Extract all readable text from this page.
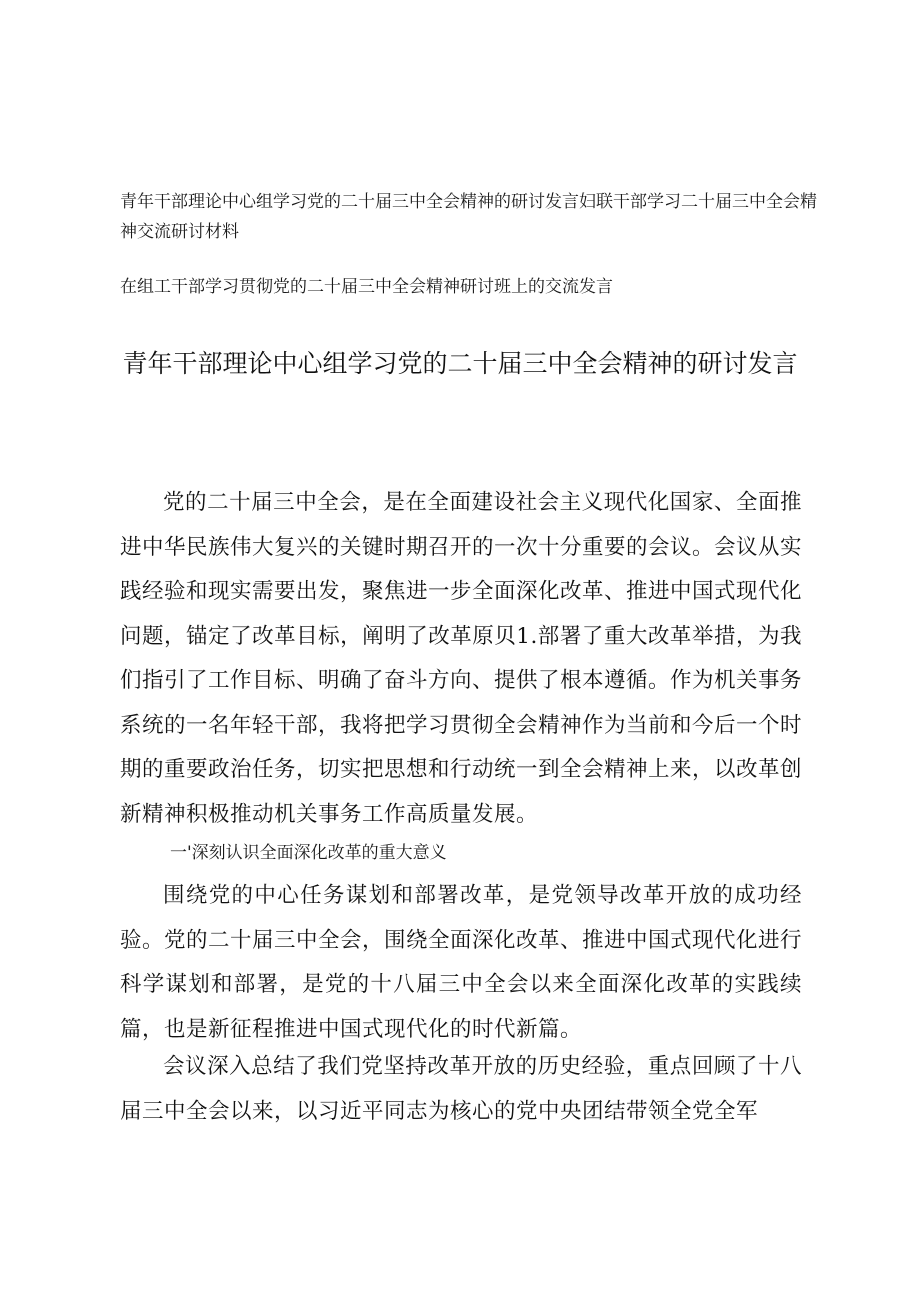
青年干部理论中心组学习党的二十届三中全会精神的研讨发言妇联干部学习二十届三中全会精神交流研讨材料

在组工干部学习贯彻党的二十届三中全会精神研讨班上的交流发言

青年干部理论中心组学习党的二十届三中全会精神的研讨发言

党的二十届三中全会，是在全面建设社会主义现代化国家、全面推进中华民族伟大复兴的关键时期召开的一次十分重要的会议。会议从实践经验和现实需要出发，聚焦进一步全面深化改革、推进中国式现代化问题，锚定了改革目标，阐明了改革原贝1.部署了重大改革举措，为我们指引了工作目标、明确了奋斗方向、提供了根本遵循。作为机关事务系统的一名年轻干部，我将把学习贯彻全会精神作为当前和今后一个时期的重要政治任务，切实把思想和行动统一到全会精神上来，以改革创新精神积极推动机关事务工作高质量发展。

一'深刻认识全面深化改革的重大意义

围绕党的中心任务谋划和部署改革，是党领导改革开放的成功经验。党的二十届三中全会，围绕全面深化改革、推进中国式现代化进行科学谋划和部署，是党的十八届三中全会以来全面深化改革的实践续篇，也是新征程推进中国式现代化的时代新篇。

会议深入总结了我们党坚持改革开放的历史经验，重点回顾了十八届三中全会以来，以习近平同志为核心的党中央团结带领全党全军
